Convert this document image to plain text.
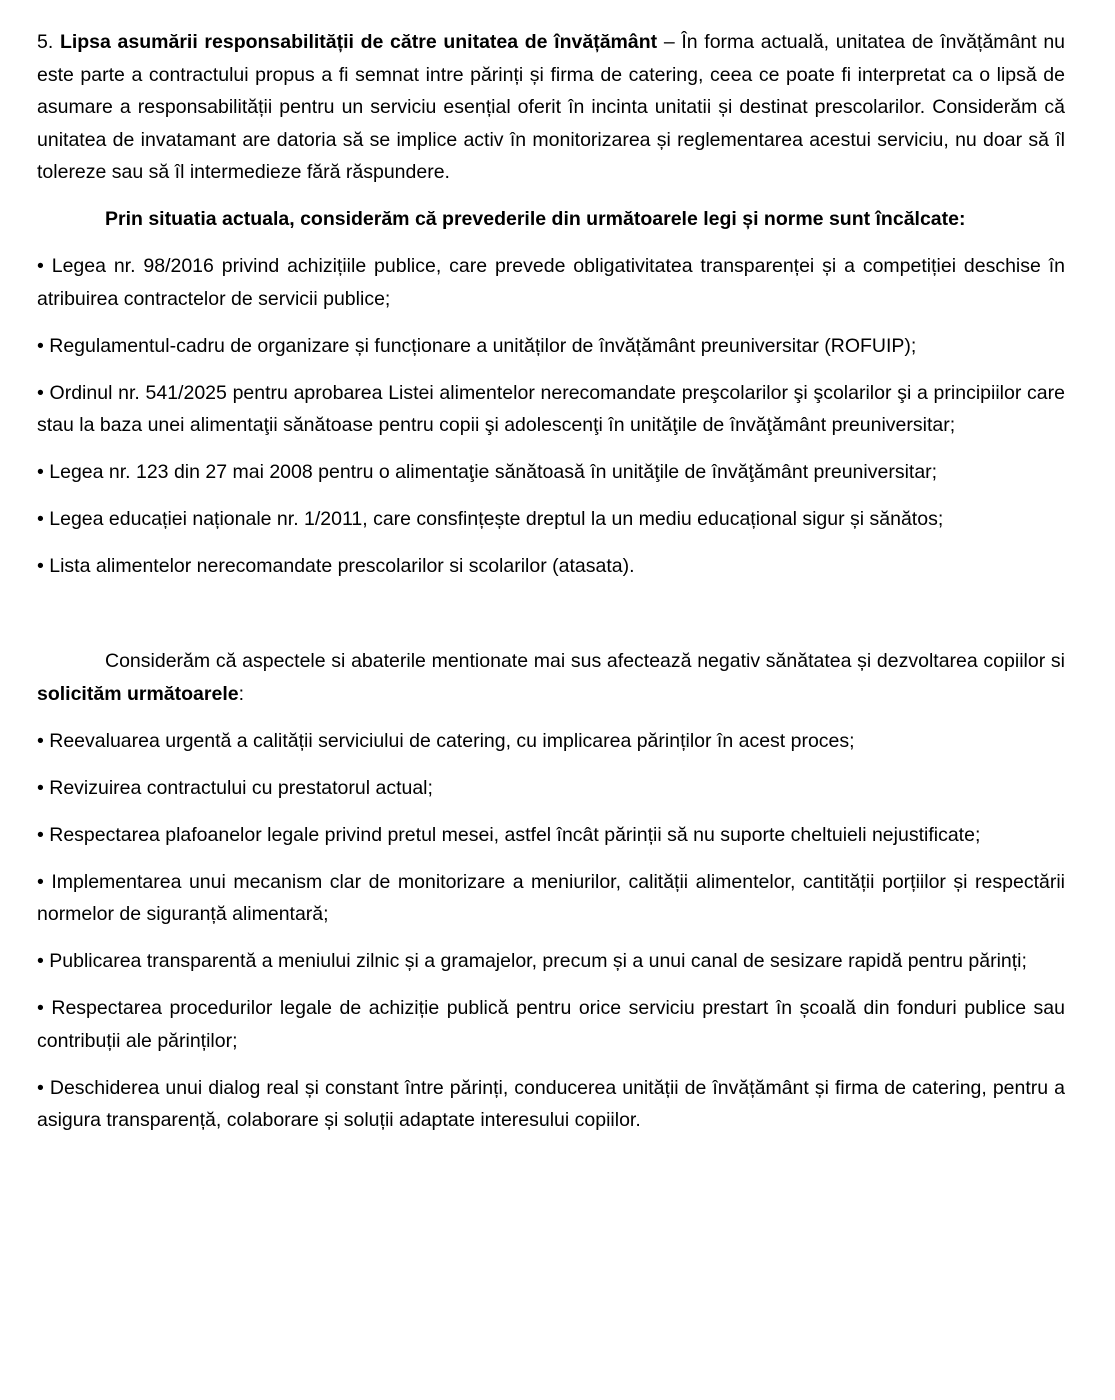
5. Lipsa asumării responsabilității de către unitatea de învățământ – În forma actuală, unitatea de învățământ nu este parte a contractului propus a fi semnat intre părinți și firma de catering, ceea ce poate fi interpretat ca o lipsă de asumare a responsabilității pentru un serviciu esențial oferit în incinta unitatii și destinat prescolarilor. Considerăm că unitatea de invatamant are datoria să se implice activ în monitorizarea și reglementarea acestui serviciu, nu doar să îl tolereze sau să îl intermedieze fără răspundere.

Prin situatia actuala, considerăm că prevederile din următoarele legi și norme sunt încălcate:

• Legea nr. 98/2016 privind achizițiile publice, care prevede obligativitatea transparenței și a competiției deschise în atribuirea contractelor de servicii publice;

• Regulamentul-cadru de organizare și funcționare a unităților de învățământ preuniversitar (ROFUIP);

• Ordinul nr. 541/2025 pentru aprobarea Listei alimentelor nerecomandate preşcolarilor şi şcolarilor şi a principiilor care stau la baza unei alimentaţii sănătoase pentru copii şi adolescenţi în unităţile de învăţământ preuniversitar;

• Legea nr. 123 din 27 mai 2008 pentru o alimentaţie sănătoasă în unităţile de învăţământ preuniversitar;

• Legea educației naționale nr. 1/2011, care consfințește dreptul la un mediu educațional sigur și sănătos;

• Lista alimentelor nerecomandate prescolarilor si scolarilor (atasata).

Considerăm că aspectele si abaterile mentionate mai sus afectează negativ sănătatea și dezvoltarea copiilor si solicităm următoarele:

• Reevaluarea urgentă a calității serviciului de catering, cu implicarea părinților în acest proces;

• Revizuirea contractului cu prestatorul actual;

• Respectarea plafoanelor legale privind pretul mesei, astfel încât părinții să nu suporte cheltuieli nejustificate;

• Implementarea unui mecanism clar de monitorizare a meniurilor, calității alimentelor, cantității porțiilor și respectării normelor de siguranță alimentară;

• Publicarea transparentă a meniului zilnic și a gramajelor, precum și a unui canal de sesizare rapidă pentru părinți;

• Respectarea procedurilor legale de achiziție publică pentru orice serviciu prestart în școală din fonduri publice sau contribuții ale părinților;

• Deschiderea unui dialog real și constant între părinți, conducerea unității de învățământ și firma de catering, pentru a asigura transparență, colaborare și soluții adaptate interesului copiilor.
